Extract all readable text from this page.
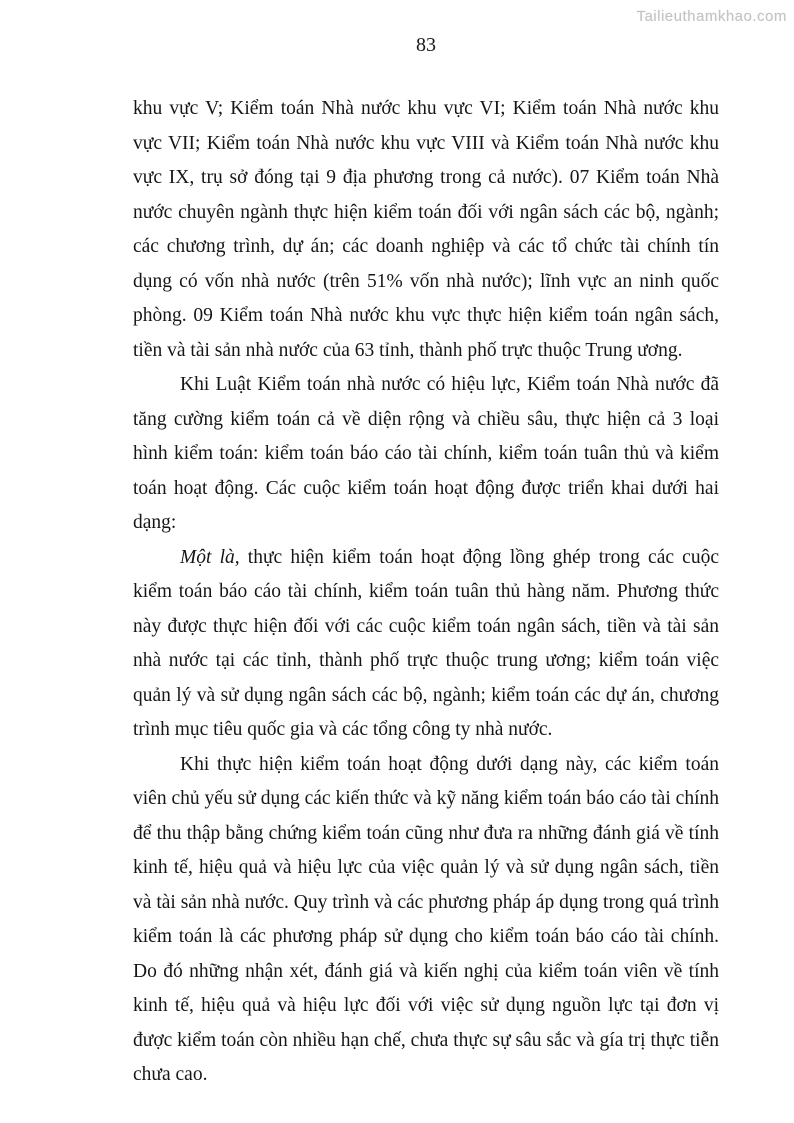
Tailieuthamkhao.com
83

khu vực V; Kiểm toán Nhà nước khu vực VI; Kiểm toán Nhà nước khu vực VII; Kiểm toán Nhà nước khu vực VIII và Kiểm toán Nhà nước khu vực IX, trụ sở đóng tại 9 địa phương trong cả nước). 07 Kiểm toán Nhà nước chuyên ngành thực hiện kiểm toán đối với ngân sách các bộ, ngành; các chương trình, dự án; các doanh nghiệp và các tổ chức tài chính tín dụng có vốn nhà nước (trên 51% vốn nhà nước); lĩnh vực an ninh quốc phòng. 09 Kiểm toán Nhà nước khu vực thực hiện kiểm toán ngân sách, tiền và tài sản nhà nước của 63 tỉnh, thành phố trực thuộc Trung ương.

Khi Luật Kiểm toán nhà nước có hiệu lực, Kiểm toán Nhà nước đã tăng cường kiểm toán cả về diện rộng và chiều sâu, thực hiện cả 3 loại hình kiểm toán: kiểm toán báo cáo tài chính, kiểm toán tuân thủ và kiểm toán hoạt động. Các cuộc kiểm toán hoạt động được triển khai dưới hai dạng:

Một là, thực hiện kiểm toán hoạt động lồng ghép trong các cuộc kiểm toán báo cáo tài chính, kiểm toán tuân thủ hàng năm. Phương thức này được thực hiện đối với các cuộc kiểm toán ngân sách, tiền và tài sản nhà nước tại các tỉnh, thành phố trực thuộc trung ương; kiểm toán việc quản lý và sử dụng ngân sách các bộ, ngành; kiểm toán các dự án, chương trình mục tiêu quốc gia và các tổng công ty nhà nước.

Khi thực hiện kiểm toán hoạt động dưới dạng này, các kiểm toán viên chủ yếu sử dụng các kiến thức và kỹ năng kiểm toán báo cáo tài chính để thu thập bằng chứng kiểm toán cũng như đưa ra những đánh giá về tính kinh tế, hiệu quả và hiệu lực của việc quản lý và sử dụng ngân sách, tiền và tài sản nhà nước. Quy trình và các phương pháp áp dụng trong quá trình kiểm toán là các phương pháp sử dụng cho kiểm toán báo cáo tài chính. Do đó những nhận xét, đánh giá và kiến nghị của kiểm toán viên về tính kinh tế, hiệu quả và hiệu lực đối với việc sử dụng nguồn lực tại đơn vị được kiểm toán còn nhiều hạn chế, chưa thực sự sâu sắc và gía trị thực tiễn chưa cao.
